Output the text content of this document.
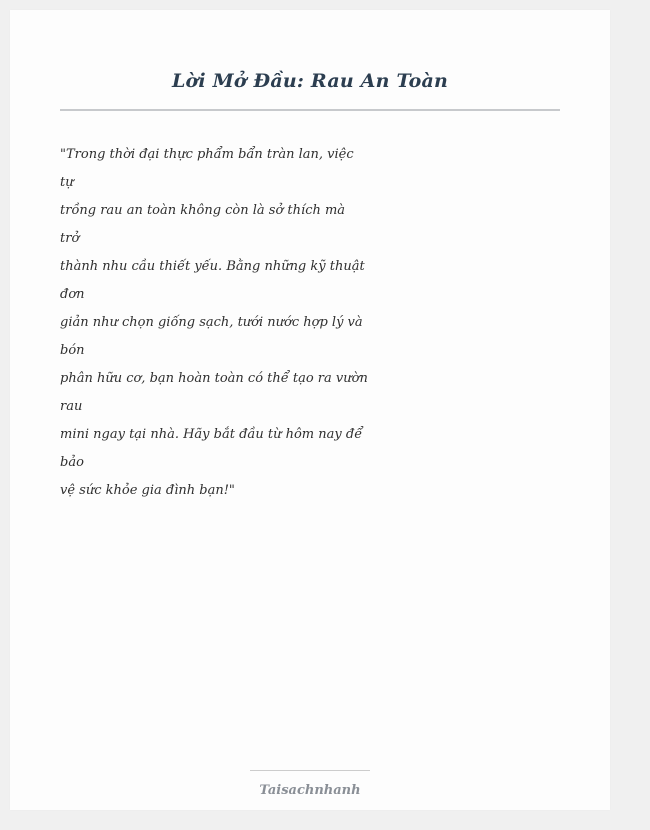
Lời Mở Đầu: Rau An Toàn
"Trong thời đại thực phẩm bẩn tràn lan, việc
tự
trồng rau an toàn không còn là sở thích mà
trở
thành nhu cầu thiết yếu. Bằng những kỹ thuật
đơn
giản như chọn giống sạch, tưới nước hợp lý và
bón
phân hữu cơ, bạn hoàn toàn có thể tạo ra vườn
rau
mini ngay tại nhà. Hãy bắt đầu từ hôm nay để
bảo
vệ sức khỏe gia đình bạn!"
Taisachnhanh
